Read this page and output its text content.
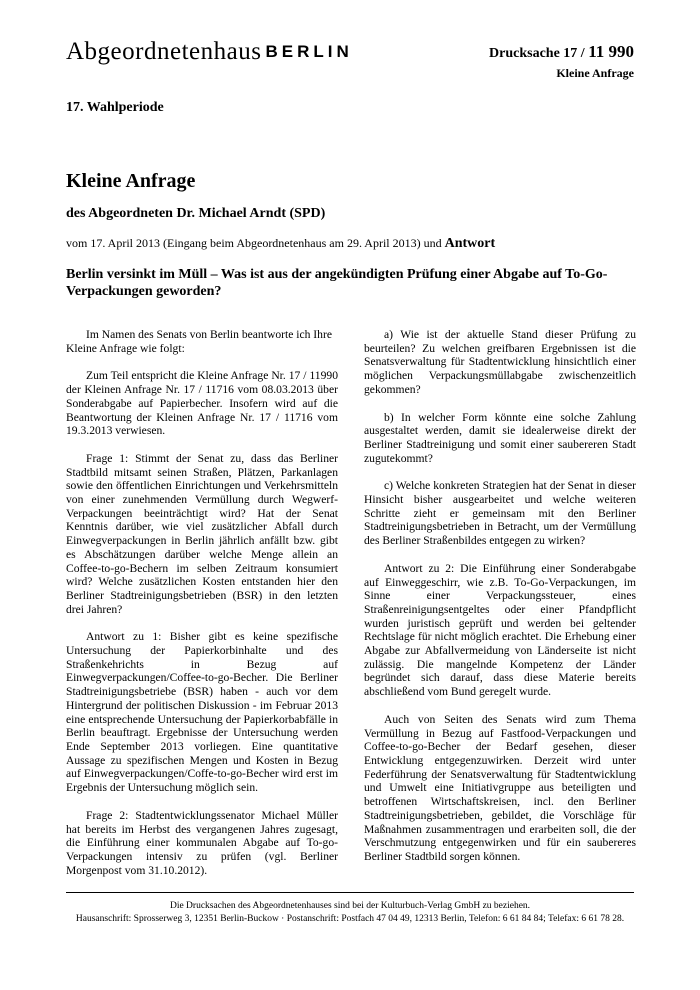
Abgeordnetenhaus BERLIN	Drucksache 17 / 11 990
Kleine Anfrage
17. Wahlperiode
Kleine Anfrage
des Abgeordneten Dr. Michael Arndt (SPD)
vom 17. April 2013 (Eingang beim Abgeordnetenhaus am 29. April 2013) und Antwort
Berlin versinkt im Müll – Was ist aus der angekündigten Prüfung einer Abgabe auf To-Go-Verpackungen geworden?

Im Namen des Senats von Berlin beantworte ich Ihre Kleine Anfrage wie folgt:

Zum Teil entspricht die Kleine Anfrage Nr. 17 / 11990 der Kleinen Anfrage Nr. 17 / 11716 vom 08.03.2013 über Sonderabgabe auf Papierbecher. Insofern wird auf die Beantwortung der Kleinen Anfrage Nr. 17 / 11716 vom 19.3.2013 verwiesen.

Frage 1: Stimmt der Senat zu, dass das Berliner Stadtbild mitsamt seinen Straßen, Plätzen, Parkanlagen sowie den öffentlichen Einrichtungen und Verkehrsmitteln von einer zunehmenden Vermüllung durch Wegwerf-Verpackungen beeinträchtigt wird? Hat der Senat Kenntnis darüber, wie viel zusätzlicher Abfall durch Einwegverpackungen in Berlin jährlich anfällt bzw. gibt es Abschätzungen darüber welche Menge allein an Coffee-to-go-Bechern im selben Zeitraum konsumiert wird? Welche zusätzlichen Kosten entstanden hier den Berliner Stadtreinigungsbetrieben (BSR) in den letzten drei Jahren?

Antwort zu 1: Bisher gibt es keine spezifische Untersuchung der Papierkorbinhalte und des Straßenkehrichts in Bezug auf Einwegverpackungen/Coffee-to-go-Becher. Die Berliner Stadtreinigungsbetriebe (BSR) haben - auch vor dem Hintergrund der politischen Diskussion - im Februar 2013 eine entsprechende Untersuchung der Papierkorbabfälle in Berlin beauftragt. Ergebnisse der Untersuchung werden Ende September 2013 vorliegen. Eine quantitative Aussage zu spezifischen Mengen und Kosten in Bezug auf Einwegverpackungen/Coffe-to-go-Becher wird erst im Ergebnis der Untersuchung möglich sein.

Frage 2: Stadtentwicklungssenator Michael Müller hat bereits im Herbst des vergangenen Jahres zugesagt, die Einführung einer kommunalen Abgabe auf To-go-Verpackungen intensiv zu prüfen (vgl. Berliner Morgenpost vom 31.10.2012).

a) Wie ist der aktuelle Stand dieser Prüfung zu beurteilen? Zu welchen greifbaren Ergebnissen ist die Senatsverwaltung für Stadtentwicklung hinsichtlich einer möglichen Verpackungsmüllabgabe zwischenzeitlich gekommen?

b) In welcher Form könnte eine solche Zahlung ausgestaltet werden, damit sie idealerweise direkt der Berliner Stadtreinigung und somit einer saubereren Stadt zugutekommt?

c) Welche konkreten Strategien hat der Senat in dieser Hinsicht bisher ausgearbeitet und welche weiteren Schritte zieht er gemeinsam mit den Berliner Stadtreinigungsbetrieben in Betracht, um der Vermüllung des Berliner Straßenbildes entgegen zu wirken?

Antwort zu 2: Die Einführung einer Sonderabgabe auf Einweggeschirr, wie z.B. To-Go-Verpackungen, im Sinne einer Verpackungssteuer, eines Straßenreinigungsentgeltes oder einer Pfandpflicht wurden juristisch geprüft und werden bei geltender Rechtslage für nicht möglich erachtet. Die Erhebung einer Abgabe zur Abfallvermeidung von Länderseite ist nicht zulässig. Die mangelnde Kompetenz der Länder begründet sich darauf, dass diese Materie bereits abschließend vom Bund geregelt wurde.

Auch von Seiten des Senats wird zum Thema Vermüllung in Bezug auf Fastfood-Verpackungen und Coffee-to-go-Becher der Bedarf gesehen, dieser Entwicklung entgegenzuwirken. Derzeit wird unter Federführung der Senatsverwaltung für Stadtentwicklung und Umwelt eine Initiativgruppe aus beteiligten und betroffenen Wirtschaftskreisen, incl. den Berliner Stadtreinigungsbetrieben, gebildet, die Vorschläge für Maßnahmen zusammentragen und erarbeiten soll, die der Verschmutzung entgegenwirken und für ein saubereres Berliner Stadtbild sorgen können.

Die Drucksachen des Abgeordnetenhauses sind bei der Kulturbuch-Verlag GmbH zu beziehen.
Hausanschrift: Sprosserweg 3, 12351 Berlin-Buckow · Postanschrift: Postfach 47 04 49, 12313 Berlin, Telefon: 6 61 84 84; Telefax: 6 61 78 28.
